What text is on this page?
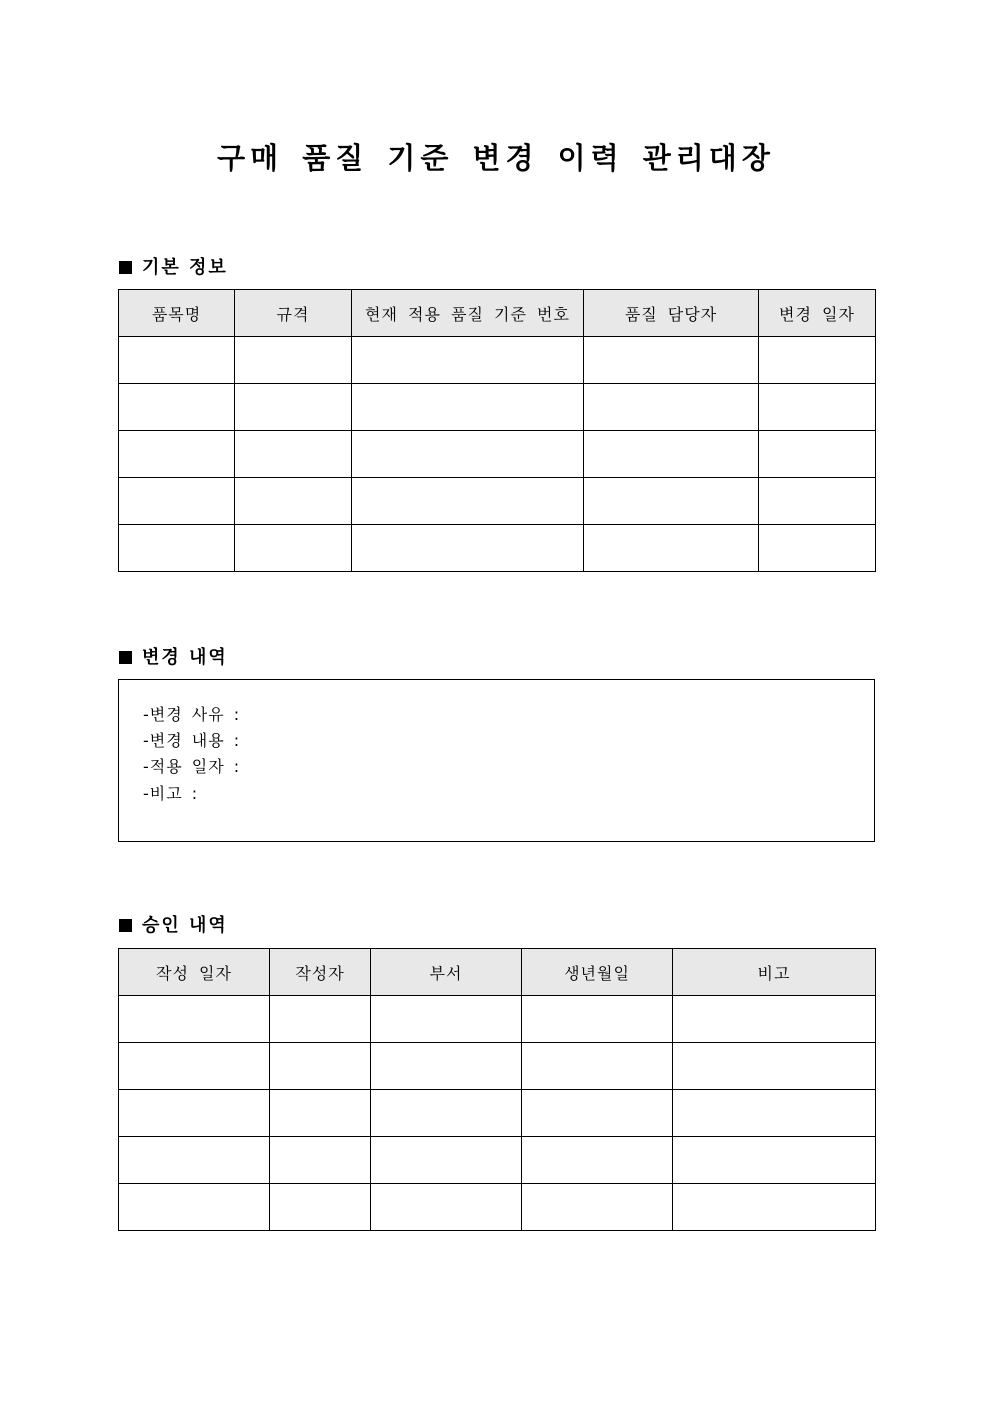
구매 품질 기준 변경 이력 관리대장
기본 정보
품목명	규격	현재 적용 품질 기준 번호	품질 담당자	변경 일자

변경 내역
-변경 사유 :
-변경 내용 :
-적용 일자 :
-비고 :
승인 내역
작성 일자	작성자	부서	생년월일	비고
